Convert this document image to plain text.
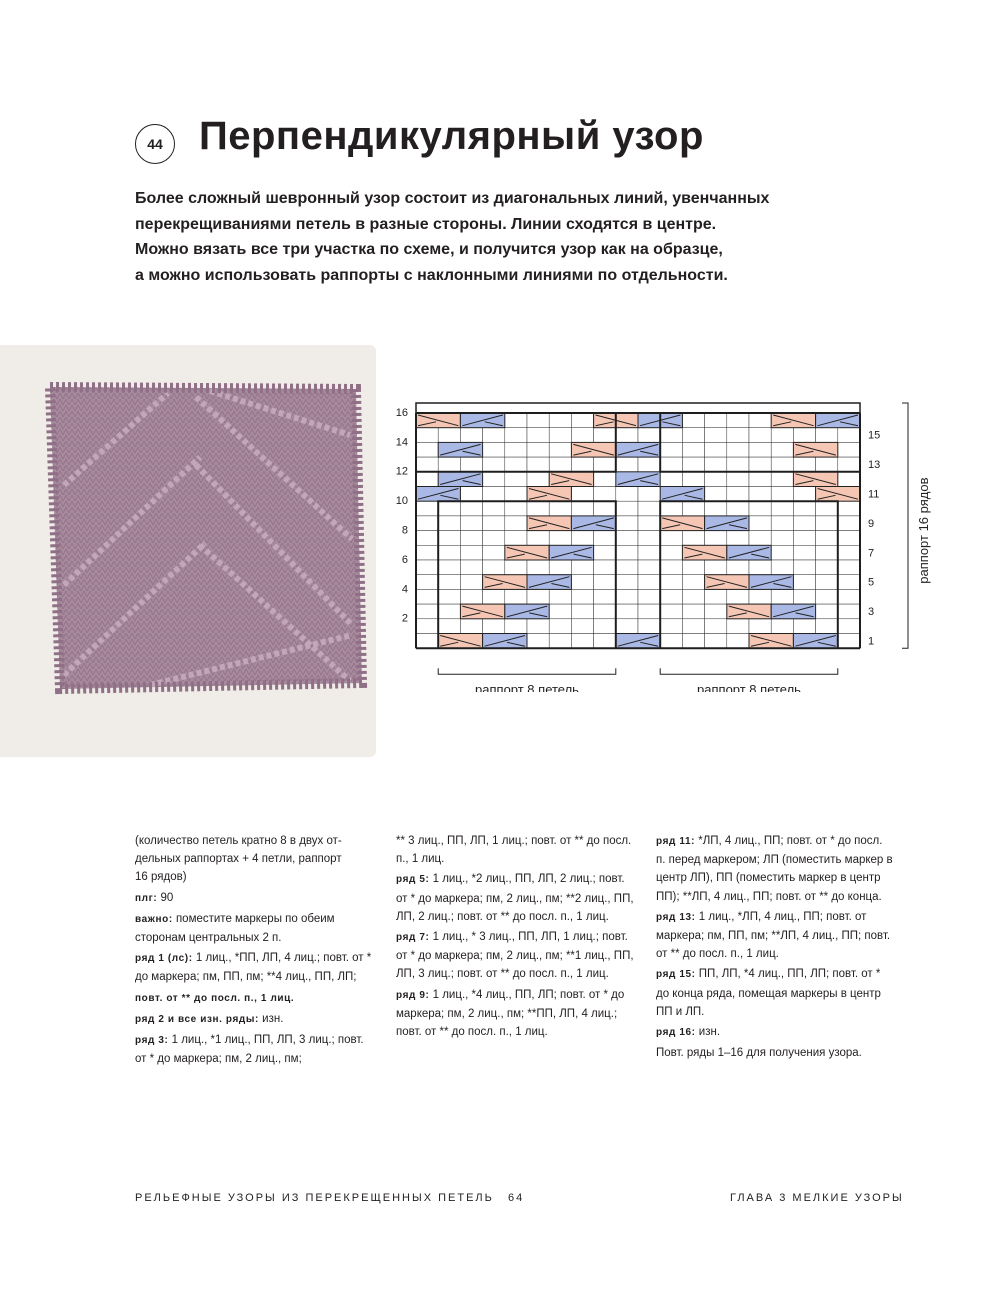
44 Перпендикулярный узор
Более сложный шевронный узор состоит из диагональных линий, увенчанных
перекрещиваниями петель в разные стороны. Линии сходятся в центре.
Можно вязать все три участка по схеме, и получится узор как на образце,
а можно использовать раппорты с наклонными линиями по отдельности.
16
14
12
10
8
6
4
2
15
13
11
9
7
5
3
1
раппорт 8 петель	раппорт 8 петель
раппорт 16 рядов

(количество петель кратно 8 в двух от-
дельных раппортах + 4 петли, раппорт
16 рядов)

плг: 90

важно: поместите маркеры по обеим сторонам центральных 2 п.

ряд 1 (лс): 1 лиц., *ПП, ЛП, 4 лиц.; повт. от * до маркера; пм, ПП, пм; **4 лиц., ПП, ЛП;

повт. от ** до посл. п., 1 лиц.

ряд 2 и все изн. ряды: изн.

ряд 3: 1 лиц., *1 лиц., ПП, ЛП, 3 лиц.; повт. от * до маркера; пм, 2 лиц., пм;

** 3 лиц., ПП, ЛП, 1 лиц.; повт. от ** до посл. п., 1 лиц.

ряд 5: 1 лиц., *2 лиц., ПП, ЛП, 2 лиц.; повт. от * до маркера; пм, 2 лиц., пм; **2 лиц., ПП, ЛП, 2 лиц.; повт. от ** до посл. п., 1 лиц.

ряд 7: 1 лиц., * 3 лиц., ПП, ЛП, 1 лиц.; повт. от * до маркера; пм, 2 лиц., пм; **1 лиц., ПП, ЛП, 3 лиц.; повт. от ** до посл. п., 1 лиц.

ряд 9: 1 лиц., *4 лиц., ПП, ЛП; повт. от * до маркера; пм, 2 лиц., пм; **ПП, ЛП, 4 лиц.; повт. от ** до посл. п., 1 лиц.

ряд 11: *ЛП, 4 лиц., ПП; повт. от * до посл. п. перед маркером; ЛП (поместить маркер в центр ЛП), ПП (поместить маркер в центр ПП); **ЛП, 4 лиц., ПП; повт. от ** до конца.

ряд 13: 1 лиц., *ЛП, 4 лиц., ПП; повт. от маркера; пм, ПП, пм; **ЛП, 4 лиц., ПП; повт. от ** до посл. п., 1 лиц.

ряд 15: ПП, ЛП, *4 лиц., ПП, ЛП; повт. от * до конца ряда, помещая маркеры в центр ПП и ЛП.

ряд 16: изн.

Повт. ряды 1–16 для получения узора.

РЕЛЬЕФНЫЕ УЗОРЫ ИЗ ПЕРЕКРЕЩЕННЫХ ПЕТЕЛЬ 64	ГЛАВА 3 МЕЛКИЕ УЗОРЫ
